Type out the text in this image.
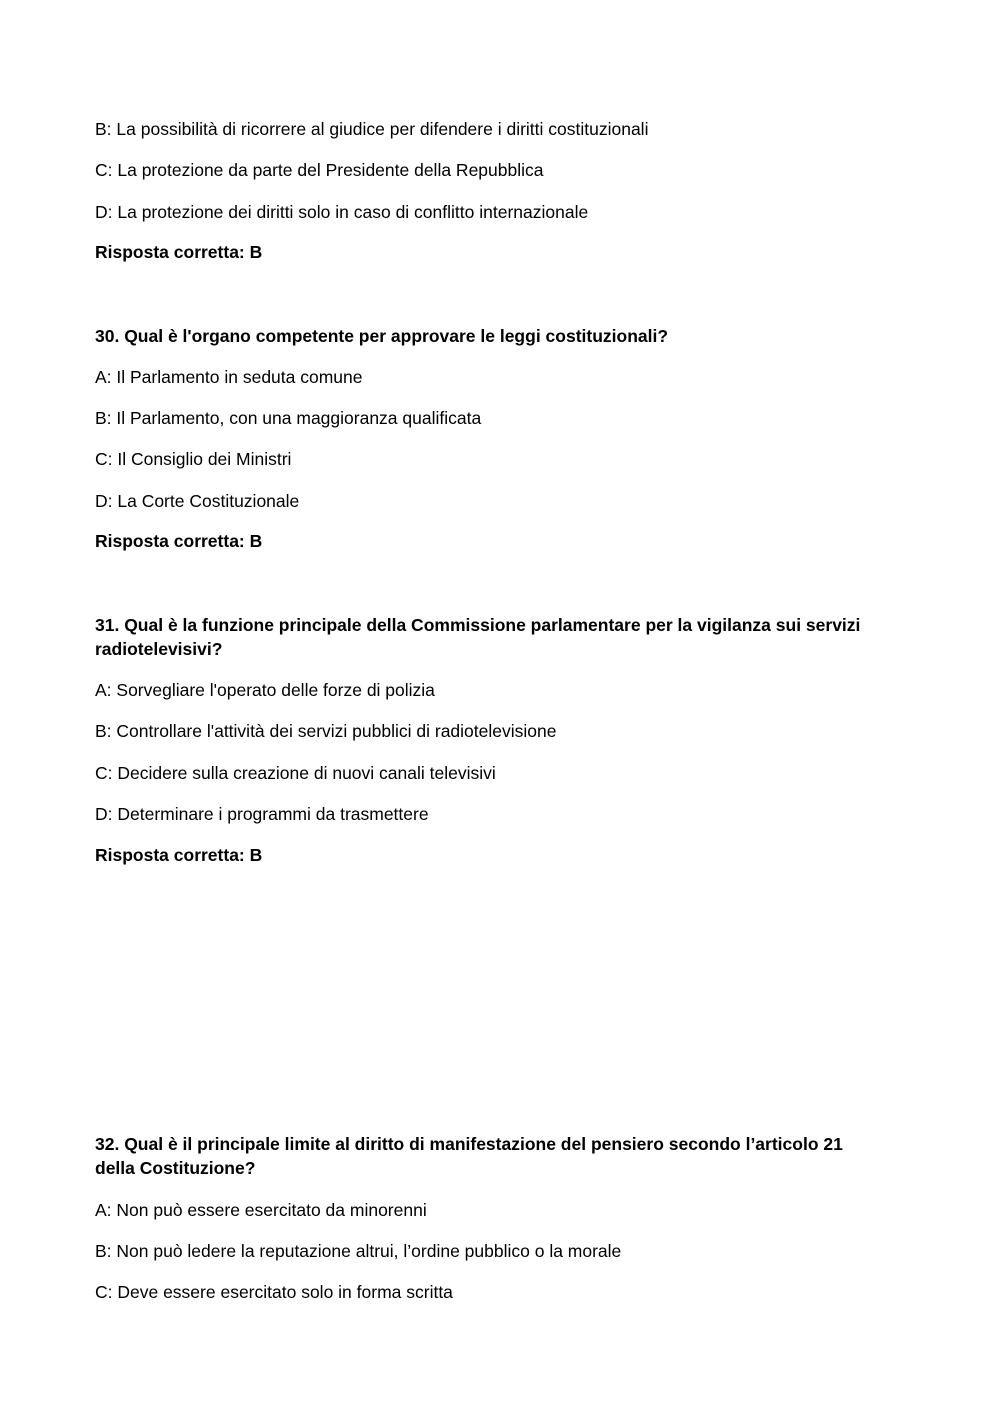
B: La possibilità di ricorrere al giudice per difendere i diritti costituzionali

C: La protezione da parte del Presidente della Repubblica

D: La protezione dei diritti solo in caso di conflitto internazionale

Risposta corretta: B

30. Qual è l'organo competente per approvare le leggi costituzionali?

A: Il Parlamento in seduta comune

B: Il Parlamento, con una maggioranza qualificata

C: Il Consiglio dei Ministri

D: La Corte Costituzionale

Risposta corretta: B

31. Qual è la funzione principale della Commissione parlamentare per la vigilanza sui servizi

radiotelevisivi?

A: Sorvegliare l'operato delle forze di polizia

B: Controllare l'attività dei servizi pubblici di radiotelevisione

C: Decidere sulla creazione di nuovi canali televisivi

D: Determinare i programmi da trasmettere

Risposta corretta: B

32. Qual è il principale limite al diritto di manifestazione del pensiero secondo l’articolo 21

della Costituzione?

A: Non può essere esercitato da minorenni

B: Non può ledere la reputazione altrui, l’ordine pubblico o la morale

C: Deve essere esercitato solo in forma scritta
